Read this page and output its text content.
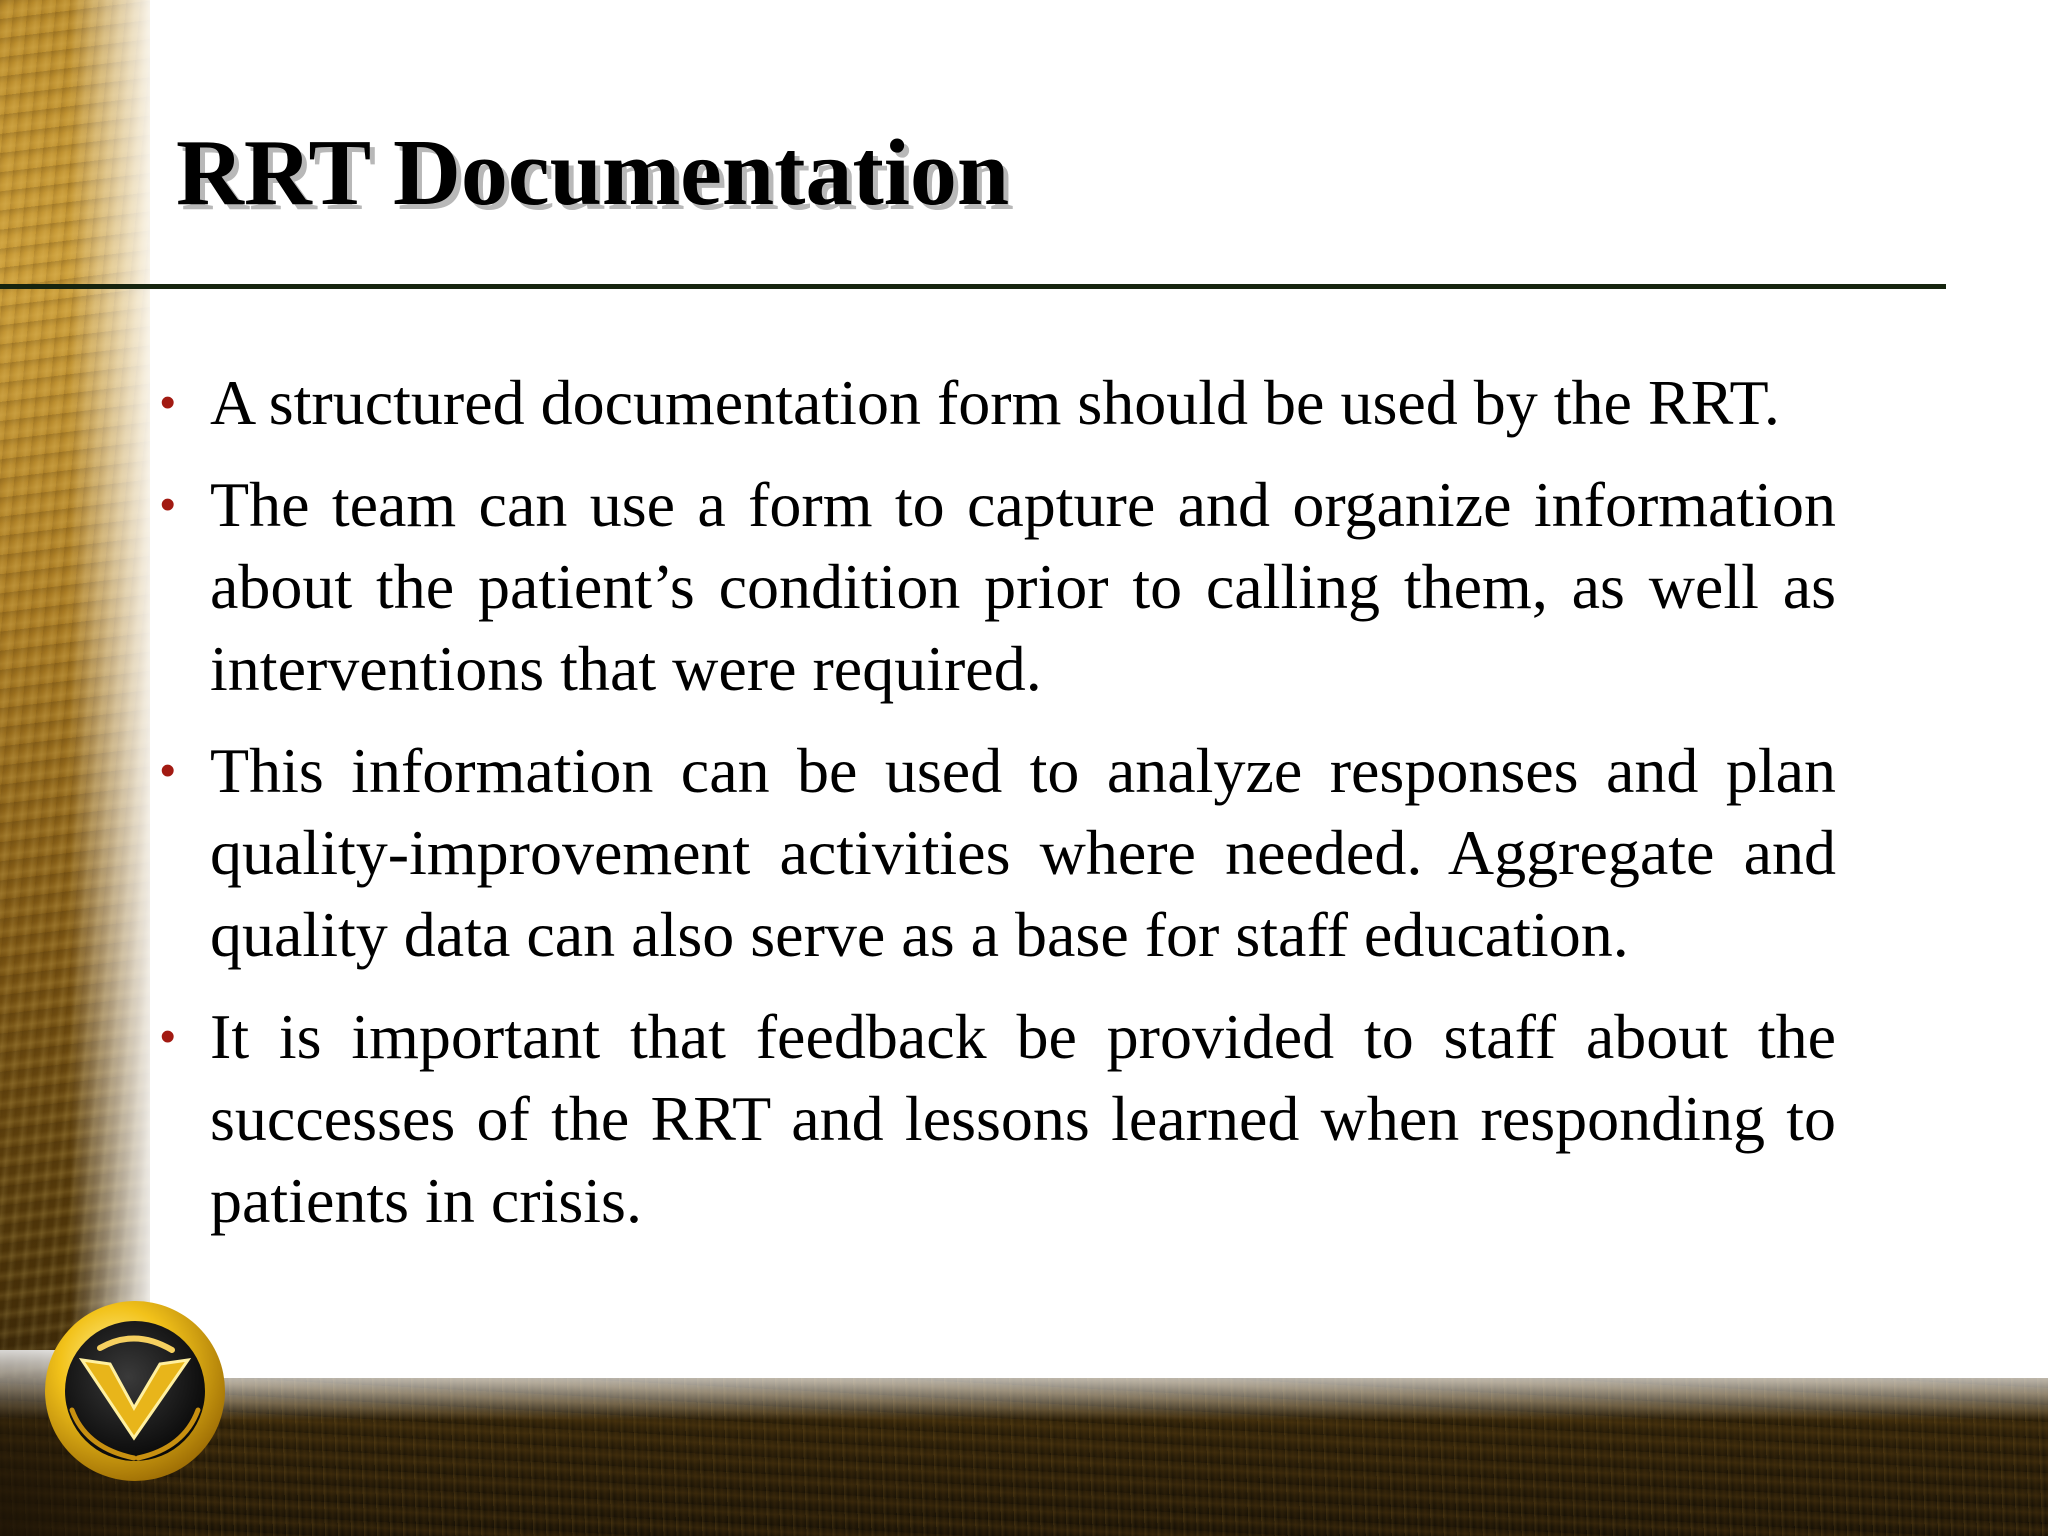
RRT Documentation
• A structured documentation form should be used by the RRT.
• The team can use a form to capture and organize information about the patient’s condition prior to calling them, as well as interventions that were required.
• This information can be used to analyze responses and plan quality-improvement activities where needed. Aggregate and quality data can also serve as a base for staff education.
• It is important that feedback be provided to staff about the successes of the RRT and lessons learned when responding to patients in crisis.
